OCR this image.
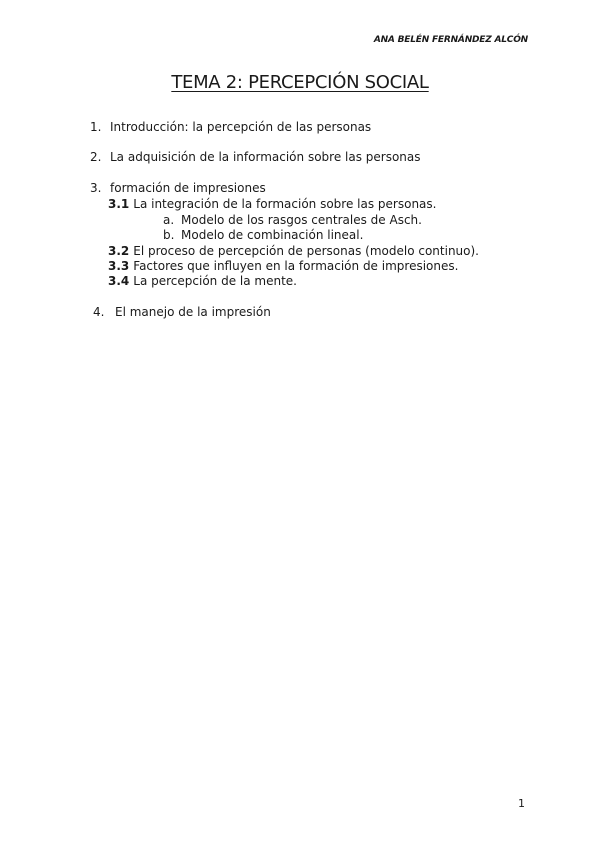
ANA BELÉN FERNÁNDEZ ALCÓN
TEMA 2: PERCEPCIÓN SOCIAL
1. Introducción: la percepción de las personas
2. La adquisición de la información sobre las personas
3. formación de impresiones
3.1 La integración de la formación sobre las personas.
a. Modelo de los rasgos centrales de Asch.
b. Modelo de combinación lineal.
3.2 El proceso de percepción de personas (modelo continuo).
3.3 Factores que influyen en la formación de impresiones.
3.4 La percepción de la mente.
4. El manejo de la impresión
1
